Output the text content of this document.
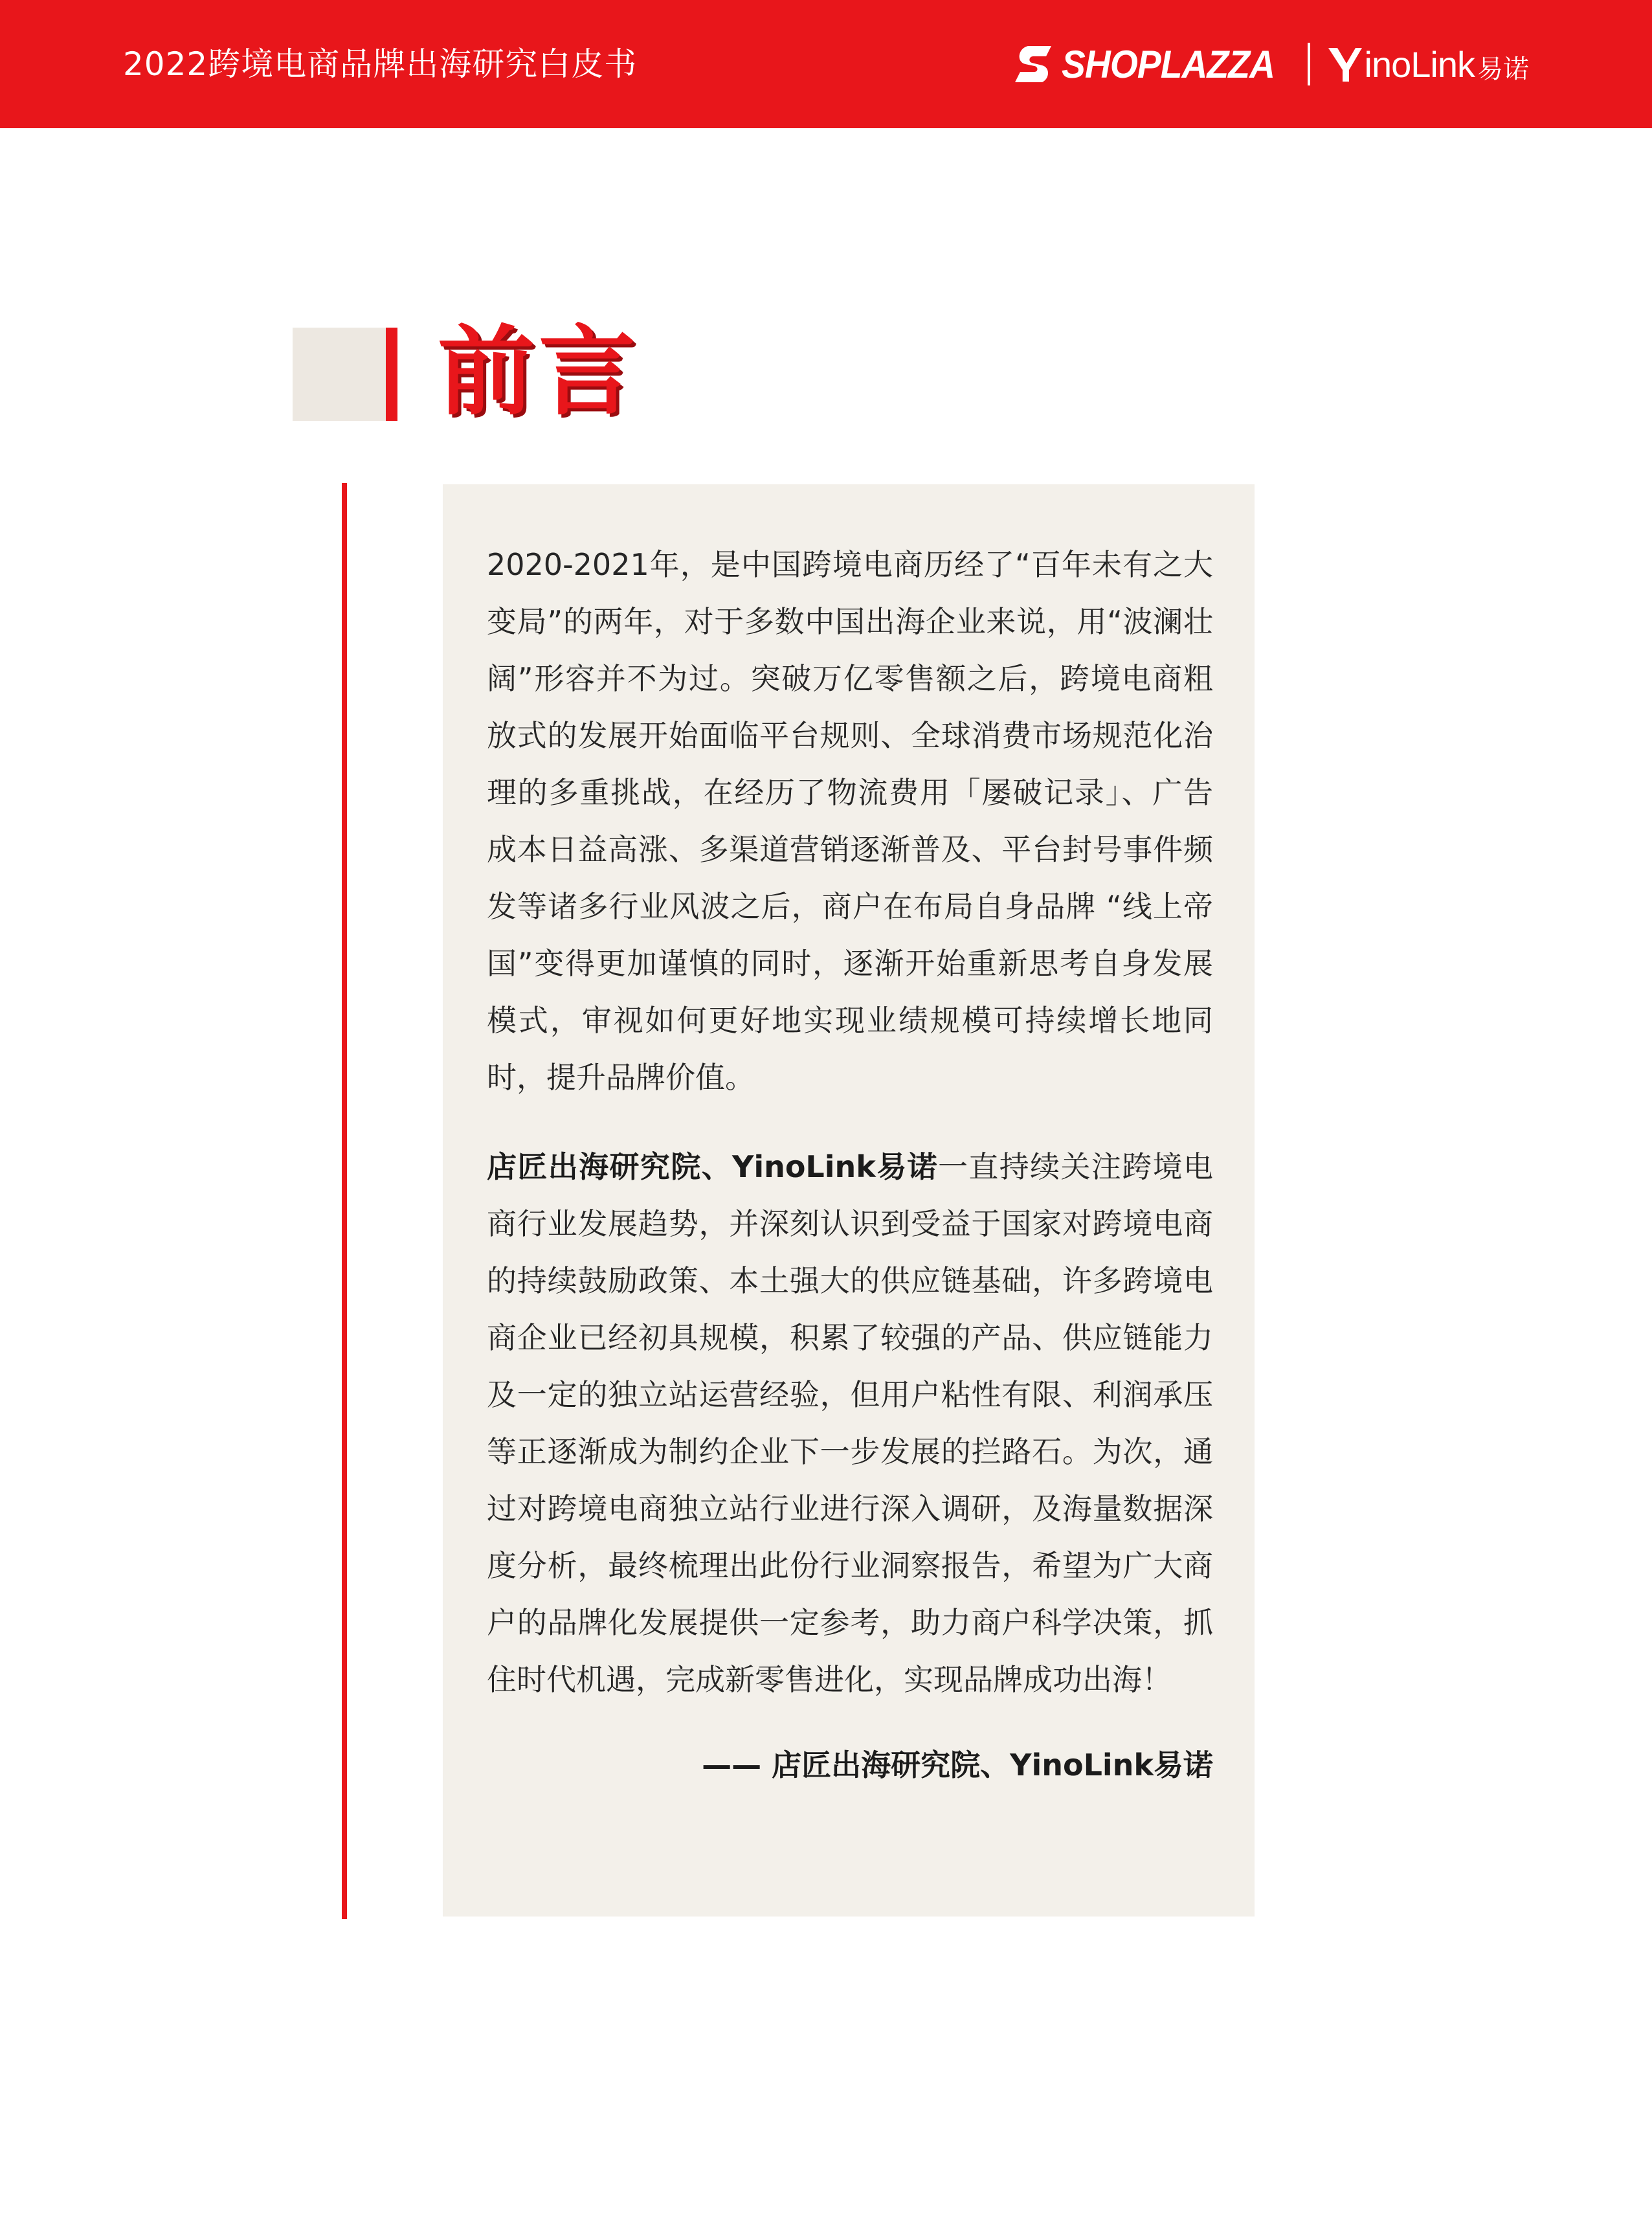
2022跨境电商品牌出海研究白皮书	SHOPLAZZA inoLink 易诺
前言

2020-2021年，是中国跨境电商历经了“百年未有之大变局”的两年，对于多数中国出海企业来说，用“波澜壮阔”形容并不为过。突破万亿零售额之后，跨境电商粗放式的发展开始面临平台规则、全球消费市场规范化治理的多重挑战，在经历了物流费用「屡破记录」、广告成本日益高涨、多渠道营销逐渐普及、平台封号事件频发等诸多行业风波之后，商户在布局自身品牌 “线上帝国”变得更加谨慎的同时，逐渐开始重新思考自身发展模式，审视如何更好地实现业绩规模可持续增长地同时，提升品牌价值。

店匠出海研究院、YinoLink易诺一直持续关注跨境电商行业发展趋势，并深刻认识到受益于国家对跨境电商的持续鼓励政策、本土强大的供应链基础，许多跨境电商企业已经初具规模，积累了较强的产品、供应链能力及一定的独立站运营经验，但用户粘性有限、利润承压等正逐渐成为制约企业下一步发展的拦路石。为次，通过对跨境电商独立站行业进行深入调研，及海量数据深度分析，最终梳理出此份行业洞察报告，希望为广大商户的品牌化发展提供一定参考，助力商户科学决策，抓住时代机遇，完成新零售进化，实现品牌成功出海！

—— 店匠出海研究院、YinoLink易诺
